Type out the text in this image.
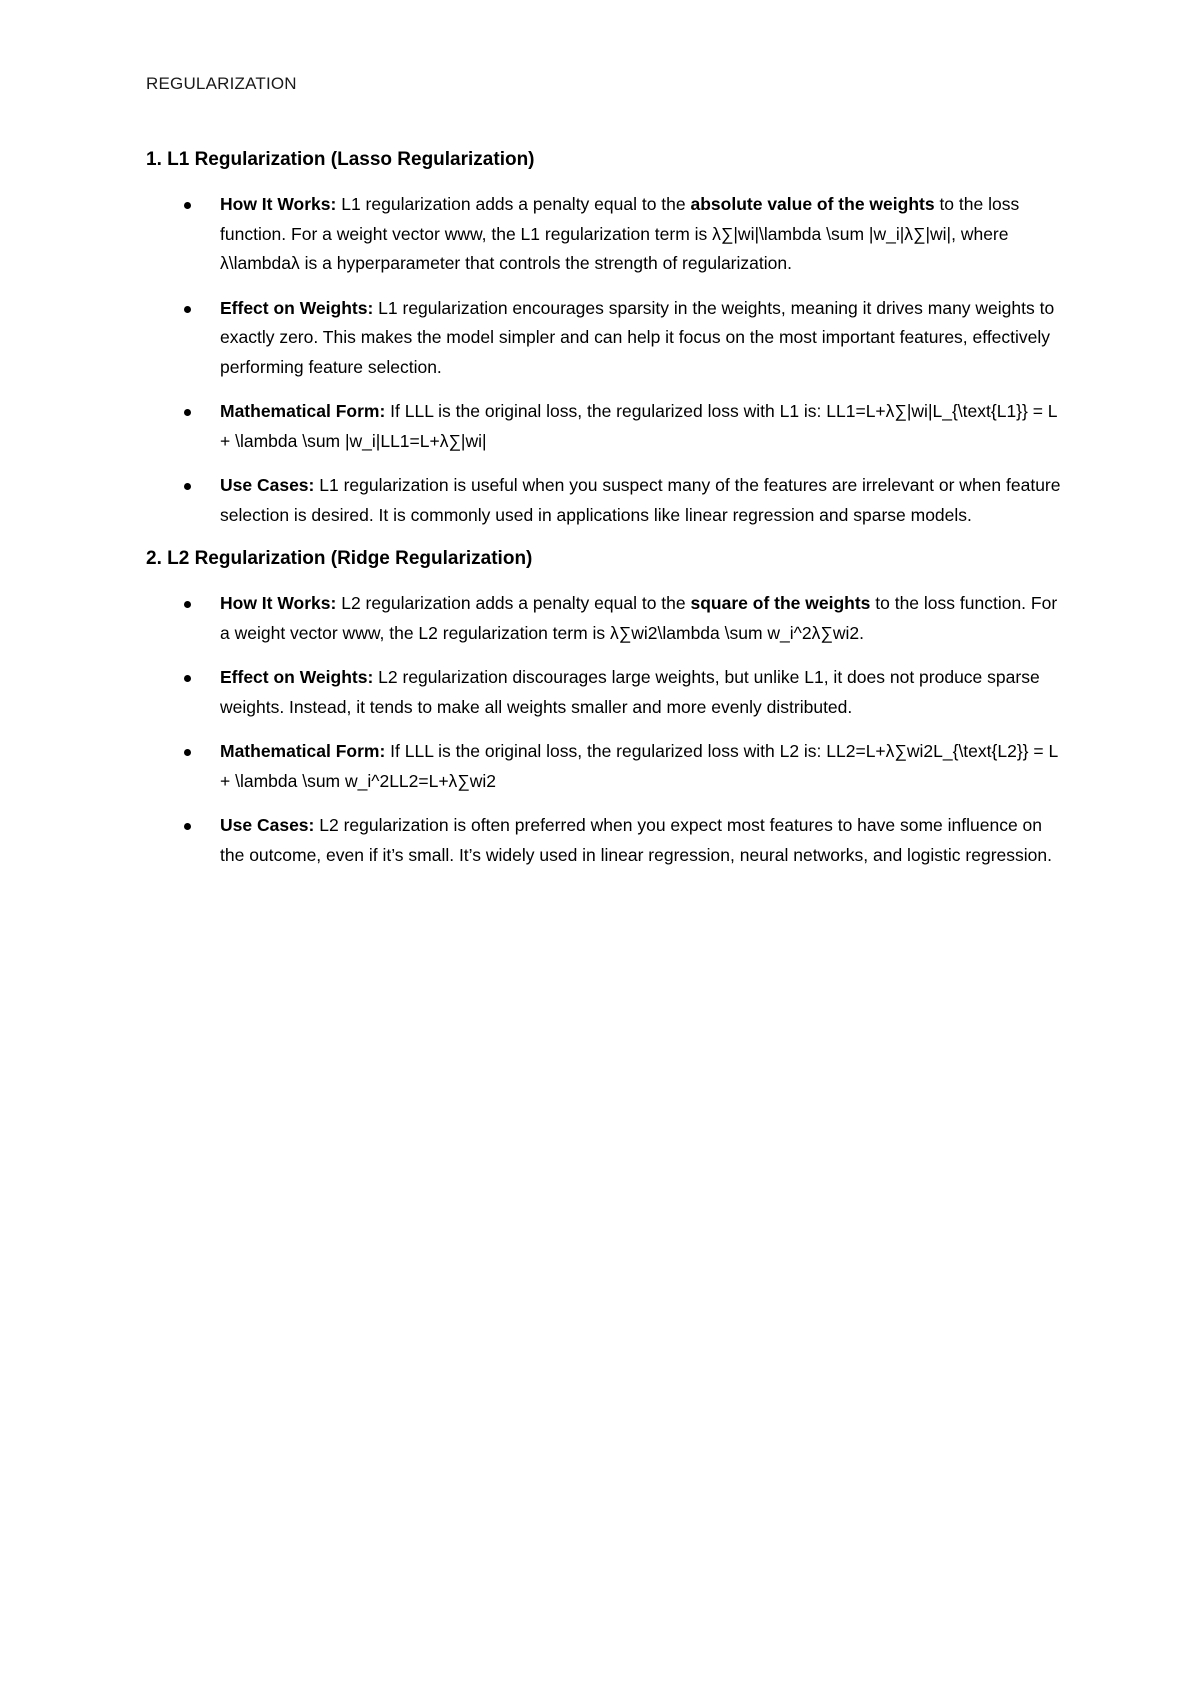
REGULARIZATION
1. L1 Regularization (Lasso Regularization)
How It Works: L1 regularization adds a penalty equal to the absolute value of the weights to the loss function. For a weight vector www, the L1 regularization term is λ∑|wi|\lambda \sum |w_i|λ∑|wi|, where λ\lambdaλ is a hyperparameter that controls the strength of regularization.
Effect on Weights: L1 regularization encourages sparsity in the weights, meaning it drives many weights to exactly zero. This makes the model simpler and can help it focus on the most important features, effectively performing feature selection.
Mathematical Form: If LLL is the original loss, the regularized loss with L1 is: LL1=L+λ∑|wi|L_{\text{L1}} = L + \lambda \sum |w_i|LL1=L+λ∑|wi|
Use Cases: L1 regularization is useful when you suspect many of the features are irrelevant or when feature selection is desired. It is commonly used in applications like linear regression and sparse models.
2. L2 Regularization (Ridge Regularization)
How It Works: L2 regularization adds a penalty equal to the square of the weights to the loss function. For a weight vector www, the L2 regularization term is λ∑wi2\lambda \sum w_i^2λ∑wi2.
Effect on Weights: L2 regularization discourages large weights, but unlike L1, it does not produce sparse weights. Instead, it tends to make all weights smaller and more evenly distributed.
Mathematical Form: If LLL is the original loss, the regularized loss with L2 is: LL2=L+λ∑wi2L_{\text{L2}} = L + \lambda \sum w_i^2LL2=L+λ∑wi2
Use Cases: L2 regularization is often preferred when you expect most features to have some influence on the outcome, even if it’s small. It’s widely used in linear regression, neural networks, and logistic regression.
